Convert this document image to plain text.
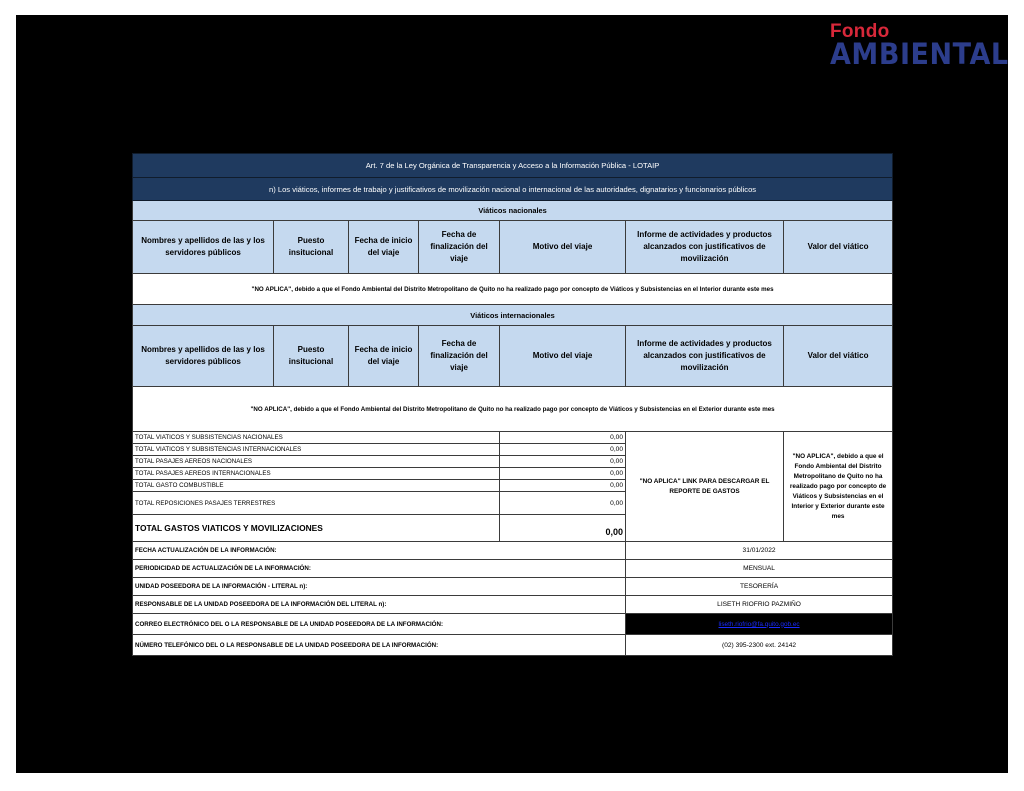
Fondo
AMBIENTAL
Art. 7 de la Ley Orgánica de Transparencia y Acceso a la Información Pública - LOTAIP						
n) Los viáticos, informes de trabajo y justificativos de movilización nacional o internacional de las autoridades, dignatarios y funcionarios públicos						
Viáticos nacionales						
Nombres y apellidos de las y los servidores públicos	Puesto insitucional	Fecha de inicio del viaje	Fecha de finalización del viaje	Motivo del viaje	Informe de actividades y productos alcanzados con justificativos de movilización	Valor del viático
"NO APLICA", debido a que el Fondo Ambiental del Distrito Metropolitano de Quito no ha realizado pago por concepto de Viáticos y Subsistencias en el Interior durante este mes						
Viáticos internacionales						
Nombres y apellidos de las y los servidores públicos	Puesto insitucional	Fecha de inicio del viaje	Fecha de finalización del viaje	Motivo del viaje	Informe de actividades y productos alcanzados con justificativos de movilización	Valor del viático
"NO APLICA", debido a que el Fondo Ambiental del Distrito Metropolitano de Quito no ha realizado pago por concepto de Viáticos y Subsistencias en el Exterior durante este mes						
TOTAL VIATICOS Y SUBSISTENCIAS NACIONALES				0,00	"NO APLICA" LINK PARA DESCARGAR EL REPORTE DE GASTOS	"NO APLICA", debido a que el Fondo Ambiental del Distrito Metropolitano de Quito no ha realizado pago por concepto de Viáticos y Subsistencias en el Interior y Exterior durante este mes
TOTAL VIATICOS Y SUBSISTENCIAS INTERNACIONALES				0,00		
TOTAL PASAJES AEREOS NACIONALES				0,00		
TOTAL PASAJES AEREOS INTERNACIONALES				0,00		
TOTAL GASTO COMBUSTIBLE				0,00		
TOTAL REPOSICIONES PASAJES TERRESTRES				0,00		
TOTAL GASTOS VIATICOS Y MOVILIZACIONES				0,00		
FECHA ACTUALIZACIÓN DE LA INFORMACIÓN:					31/01/2022	
PERIODICIDAD DE ACTUALIZACIÓN DE LA INFORMACIÓN:					MENSUAL	
UNIDAD POSEEDORA DE LA INFORMACIÓN - LITERAL n):					TESORERÍA	
RESPONSABLE DE LA UNIDAD POSEEDORA DE LA INFORMACIÓN DEL LITERAL n):					LISETH RIOFRIO PAZMIÑO	
CORREO ELECTRÓNICO DEL O LA RESPONSABLE DE LA UNIDAD POSEEDORA DE LA INFORMACIÓN:					liseth.riofrio@fa.quito.gob.ec	
NÚMERO TELEFÓNICO DEL O LA RESPONSABLE DE LA UNIDAD POSEEDORA DE LA INFORMACIÓN:					(02) 395-2300 ext. 24142	
